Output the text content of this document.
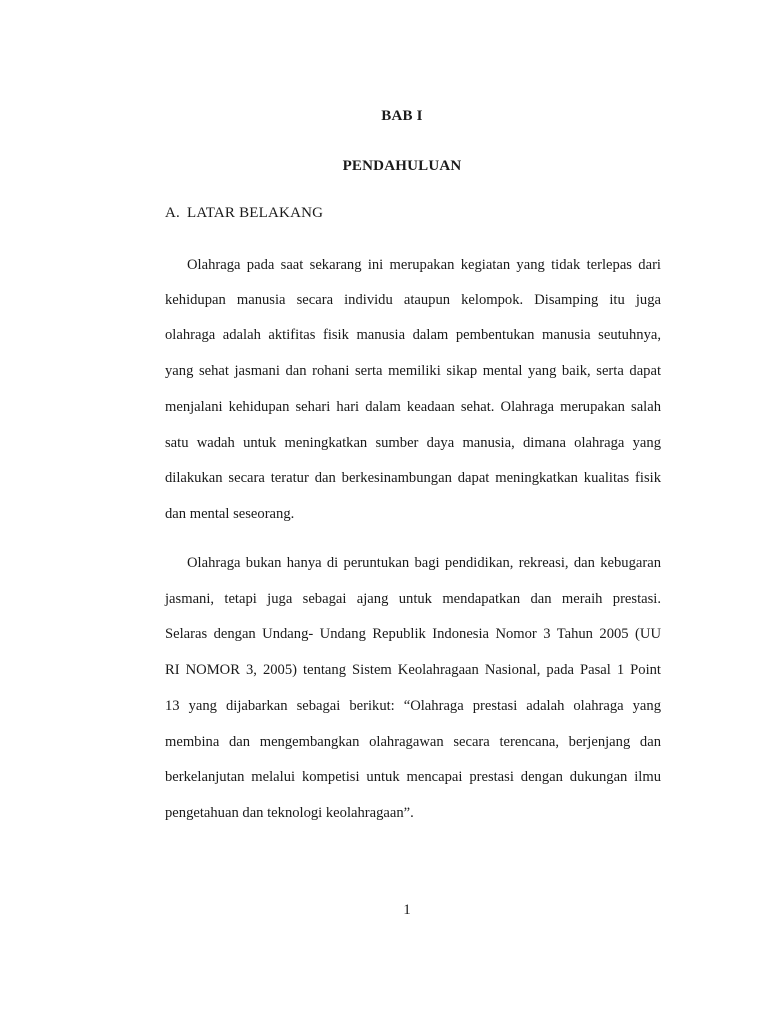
BAB I
PENDAHULUAN
A. LATAR BELAKANG
Olahraga pada saat sekarang ini merupakan kegiatan yang tidak terlepas dari
kehidupan manusia secara individu ataupun kelompok. Disamping itu juga
olahraga adalah aktifitas fisik manusia dalam pembentukan manusia seutuhnya,
yang sehat jasmani dan rohani serta memiliki sikap mental yang baik, serta dapat
menjalani kehidupan sehari hari dalam keadaan sehat. Olahraga merupakan salah
satu wadah untuk meningkatkan sumber daya manusia, dimana olahraga yang
dilakukan secara teratur dan berkesinambungan dapat meningkatkan kualitas fisik
dan mental seseorang.
Olahraga bukan hanya di peruntukan bagi pendidikan, rekreasi, dan kebugaran
jasmani, tetapi juga sebagai ajang untuk mendapatkan dan meraih prestasi.
Selaras dengan Undang- Undang Republik Indonesia Nomor 3 Tahun 2005 (UU
RI NOMOR 3, 2005) tentang Sistem Keolahragaan Nasional, pada Pasal 1 Point
13 yang dijabarkan sebagai berikut: “Olahraga prestasi adalah olahraga yang
membina dan mengembangkan olahragawan secara terencana, berjenjang dan
berkelanjutan melalui kompetisi untuk mencapai prestasi dengan dukungan ilmu
pengetahuan dan teknologi keolahragaan”.
1
